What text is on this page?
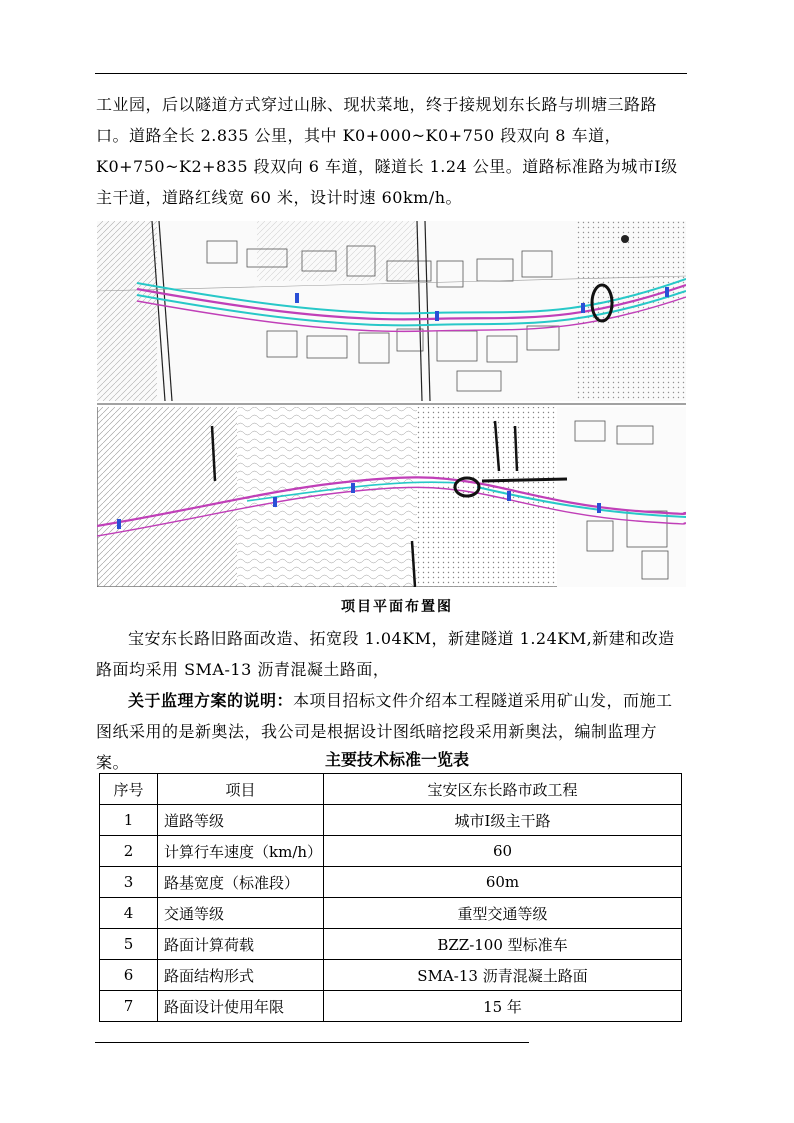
工业园，后以隧道方式穿过山脉、现状菜地，终于接规划东长路与圳塘三路路口。道路全长 2.835 公里，其中 K0+000~K0+750 段双向 8 车道，K0+750~K2+835 段双向 6 车道，隧道长 1.24 公里。道路标准路为城市Ⅰ级主干道，道路红线宽 60 米，设计时速 60km/h。
项目平面布置图
宝安东长路旧路面改造、拓宽段 1.04KM，新建隧道 1.24KM,新建和改造路面均采用 SMA-13 沥青混凝土路面，
关于监理方案的说明：本项目招标文件介绍本工程隧道采用矿山发，而施工图纸采用的是新奥法，我公司是根据设计图纸暗挖段采用新奥法，编制监理方案。	主要技术标准一览表
序号	项目	宝安区东长路市政工程
1	道路等级	城市Ⅰ级主干路
2	计算行车速度（km/h）	60
3	路基宽度（标准段）	60m
4	交通等级	重型交通等级
5	路面计算荷载	BZZ-100 型标准车
6	路面结构形式	SMA-13 沥青混凝土路面
7	路面设计使用年限	15 年
